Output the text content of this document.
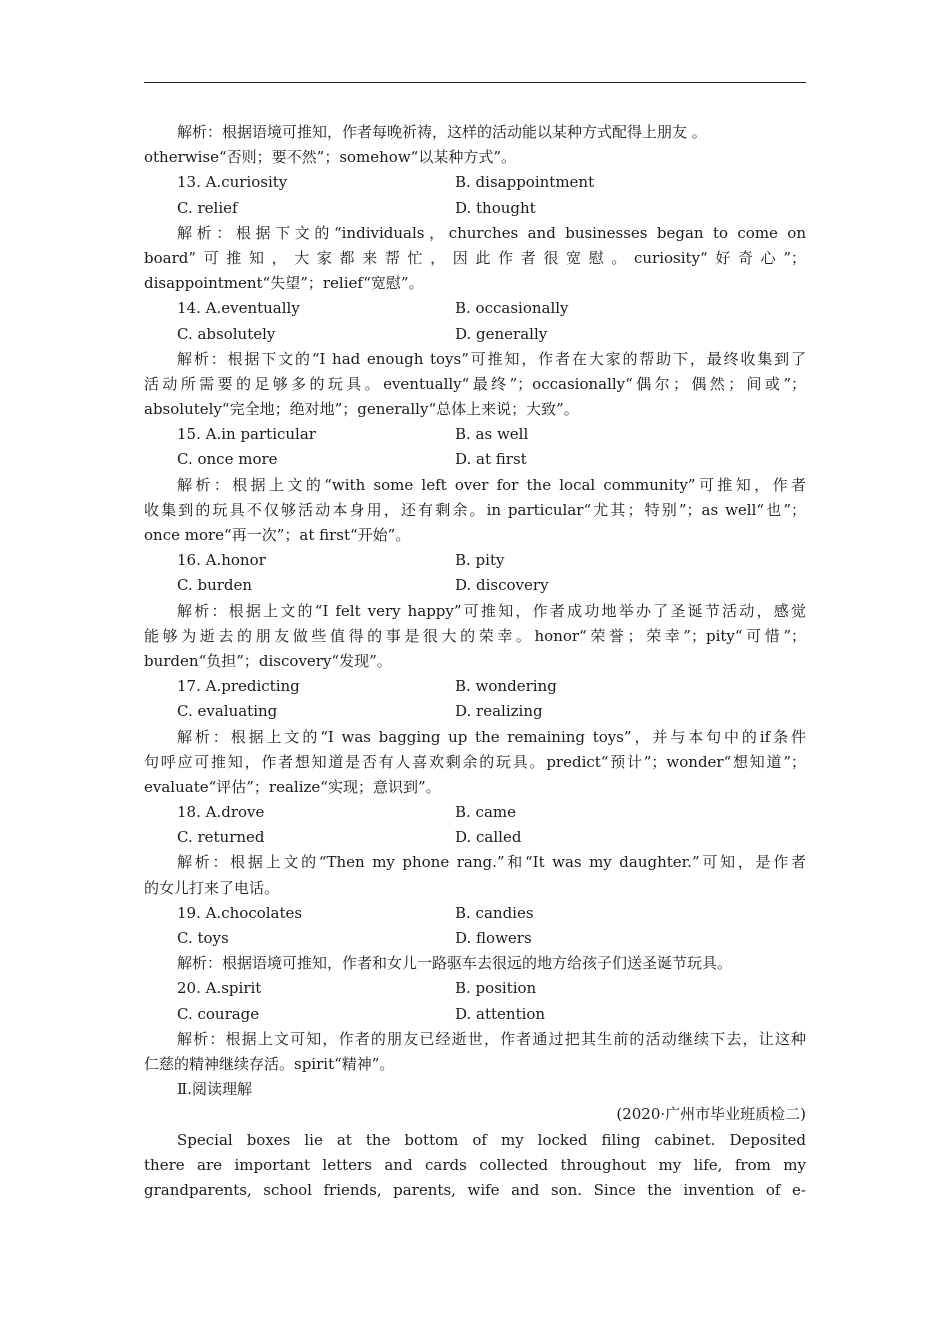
解析：根据语境可推知，作者每晚祈祷，这样的活动能以某种方式配得上朋友 。
otherwise“否则；要不然”；somehow“以某种方式”。
13. A.curiosity	B. disappointment
C. relief	D. thought
解析：根据下文的“individuals，churches and businesses began to come on
board”可推知，大家都来帮忙，因此作者很宽慰。curiosity“好奇心”；
disappointment“失望”；relief“宽慰”。
14. A.eventually	B. occasionally
C. absolutely	D. generally
解析：根据下文的“I had enough toys”可推知，作者在大家的帮助下，最终收集到了
活动所需要的足够多的玩具。eventually“最终”；occasionally“偶尔；偶然；间或”；
absolutely“完全地；绝对地”；generally“总体上来说；大致”。
15. A.in particular	B. as well
C. once more	D. at first
解析：根据上文的“with some left over for the local community”可推知，作者
收集到的玩具不仅够活动本身用，还有剩余。in particular“尤其；特别”；as well“也”；
once more“再一次”；at first“开始”。
16. A.honor	B. pity
C. burden	D. discovery
解析：根据上文的“I felt very happy”可推知，作者成功地举办了圣诞节活动，感觉
能够为逝去的朋友做些值得的事是很大的荣幸。honor“荣誉；荣幸”；pity“可惜”；
burden“负担”；discovery“发现”。
17. A.predicting	B. wondering
C. evaluating	D. realizing
解析：根据上文的“I was bagging up the remaining toys”，并与本句中的if条件
句呼应可推知，作者想知道是否有人喜欢剩余的玩具。predict“预计”；wonder“想知道”；
evaluate“评估”；realize“实现；意识到”。
18. A.drove	B. came
C. returned	D. called
解析：根据上文的“Then my phone rang.”和“It was my daughter.”可知，是作者
的女儿打来了电话。
19. A.chocolates	B. candies
C. toys	D. flowers
解析：根据语境可推知，作者和女儿一路驱车去很远的地方给孩子们送圣诞节玩具。
20. A.spirit	B. position
C. courage	D. attention
解析：根据上文可知，作者的朋友已经逝世，作者通过把其生前的活动继续下去，让这种
仁慈的精神继续存活。spirit“精神”。
Ⅱ.阅读理解
(2020·广州市毕业班质检二)
Special boxes lie at the bottom of my locked filing cabinet. Deposited
there are important letters and cards collected throughout my life, from my
grandparents, school friends, parents, wife and son. Since the invention of e-
